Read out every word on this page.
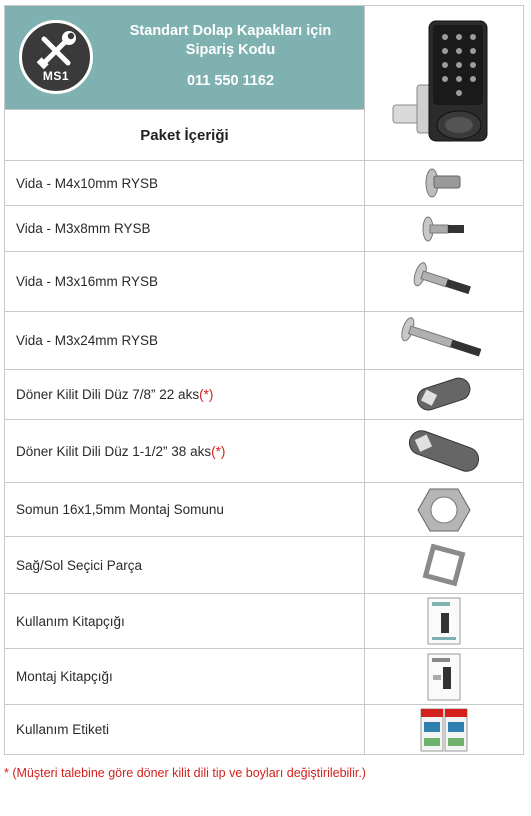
MS1
Standart Dolap Kapakları için
Sipariş Kodu
011 550 1162
Paket İçeriği
Vida - M4x10mm RYSB
Vida - M3x8mm RYSB
Vida - M3x16mm RYSB
Vida - M3x24mm RYSB
Döner Kilit Dili Düz 7/8” 22 aks (*)
Döner Kilit Dili Düz 1-1/2” 38 aks (*)
Somun 16x1,5mm Montaj Somunu
Sağ/Sol Seçici Parça
Kullanım Kitapçığı
Montaj Kitapçığı
Kullanım Etiketi
* (Müşteri talebine göre döner kilit dili tip ve boyları değiştirilebilir.)
